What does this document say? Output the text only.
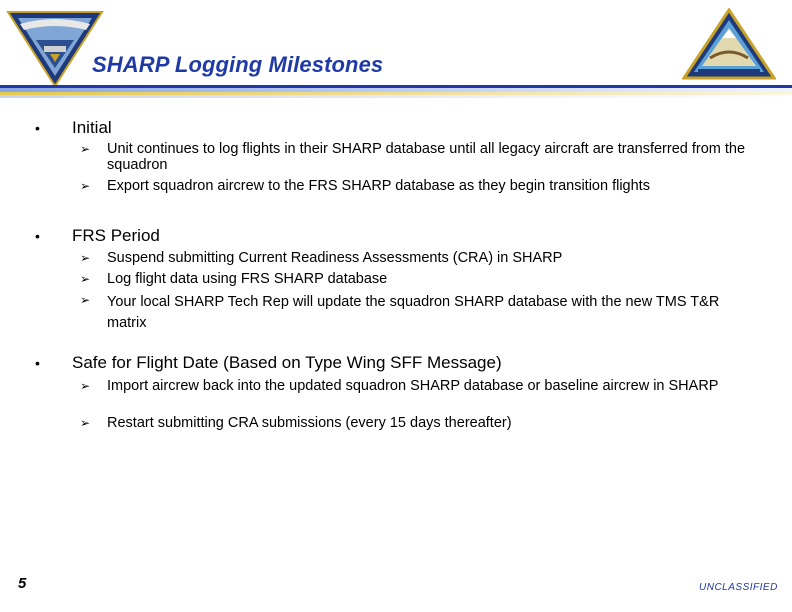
SHARP Logging Milestones
• Initial
➢ Unit continues to log flights in their SHARP database until all legacy aircraft are transferred from the squadron
➢ Export squadron aircrew to the FRS SHARP database as they begin transition flights
• FRS Period
➢ Suspend submitting Current Readiness Assessments (CRA) in SHARP
➢ Log flight data using FRS SHARP database
➢ Your local SHARP Tech Rep will update the squadron SHARP database with the new TMS T&R matrix
• Safe for Flight Date (Based on Type Wing SFF Message)
➢ Import aircrew back into the updated squadron SHARP database or baseline aircrew in SHARP
➢ Restart submitting CRA submissions (every 15 days thereafter)
5	UNCLASSIFIED
